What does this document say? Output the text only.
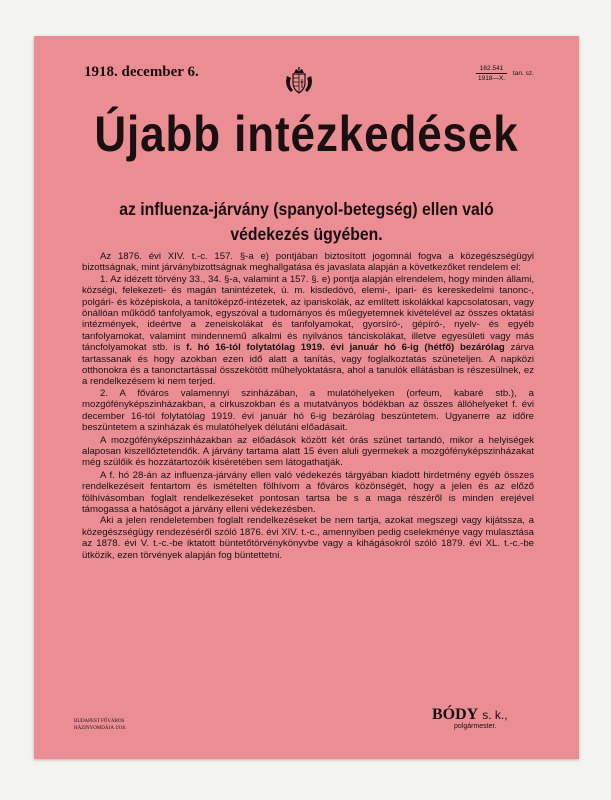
1918. december 6.	$\frac{162.541}{1918—X.} \tan$. sz.
Újabb intézkedések
az influenza-járvány (spanyol-betegség) ellen való
védekezés ügyében.

Az 1876. évi XIV. t.-c. 157. §-a e) pontjában biztosított jogomnál fogva a közegészségügyi bizottságnak, mint járványbizottságnak meghallgatása és javaslata alapján a következőket rendelem el:

1. Az idézett törvény 33., 34. §-a, valamint a 157. §. e) pontja alapján elrendelem, hogy minden állami, községi, felekezeti- és magán tanintézetek, ú. m. kisdedóvó, elemi-, ipari- és kereskedelmi tanonc-, polgári- és középiskola, a tanítóképző-intézetek, az ipariskolák, az említett iskolákkal kapcsolatosan, vagy önállóan működő tanfolyamok, egyszóval a tudományos és műegyetemnek kivételével az összes oktatási intézmények, ideértve a zeneiskolákat és tanfolyamokat, gyorsíró-, gépíró-, nyelv- és egyéb tanfolyamokat, valamint mindennemű alkalmi és nyilvános tánciskolákat, illetve egyesületi vagy más táncfolyamokat stb. is f. hó 16-tól folytatólag 1919. évi január hó 6-ig (hétfő) bezárólag zárva tartassanak és hogy azokban ezen idő alatt a tanítás, vagy foglalkoztatás szüneteljen. A napközi otthonokra és a tanonctartással összekötött műhelyoktatásra, ahol a tanulók ellátásban is részesülnek, ez a rendelkezésem ki nem terjed.

2. A főváros valamennyi szinházában, a mulatóhelyeken (orfeum, kabaré stb.), a mozgófényképszinházakban, a cirkuszokban és a mutatványos bódékban az összes állóhelyeket f. évi december 16-tól folytatólag 1919. évi január hó 6-ig bezárólag beszüntetem. Ugyanerre az időre beszüntetem a szinházak és mulatóhelyek délutáni előadásait.

A mozgófényképszinházakban az előadások között két órás szünet tartandó, mikor a helyiségek alaposan kiszellőztetendők. A járvány tartama alatt 15 éven aluli gyermekek a mozgófényképszinházakat még szülőik és hozzátartozóik kiséretében sem látogathatják.

A f. hó 28-án az influenza-járvány ellen való védekezés tárgyában kiadott hirdetmény egyéb összes rendelkezéseit fentartom és ismételten fölhívom a főváros közönségét, hogy a jelen és az előző fölhívásomban foglalt rendelkezéseket pontosan tartsa be s a maga részéről is minden erejével támogassa a hatóságot a járvány elleni védekezésben.

Aki a jelen rendeletemben foglalt rendelkezéseket be nem tartja, azokat megszegi vagy kijátssza, a közegészségügy rendezéséről szóló 1876. évi XIV. t.-c., amennyiben pedig cselekménye vagy mulasztása az 1878. évi V. t.-c.-be iktatott büntetőtörvénykönyvbe vagy a kihágásokról szóló 1879. évi XL. t.-c.-be ütközik, ezen törvények alapján fog büntettetni.

BUDAPEST FŐVÁROS
HÁZINYOMDÁJA 1918.
BÓDY s. k.,
polgármester.
